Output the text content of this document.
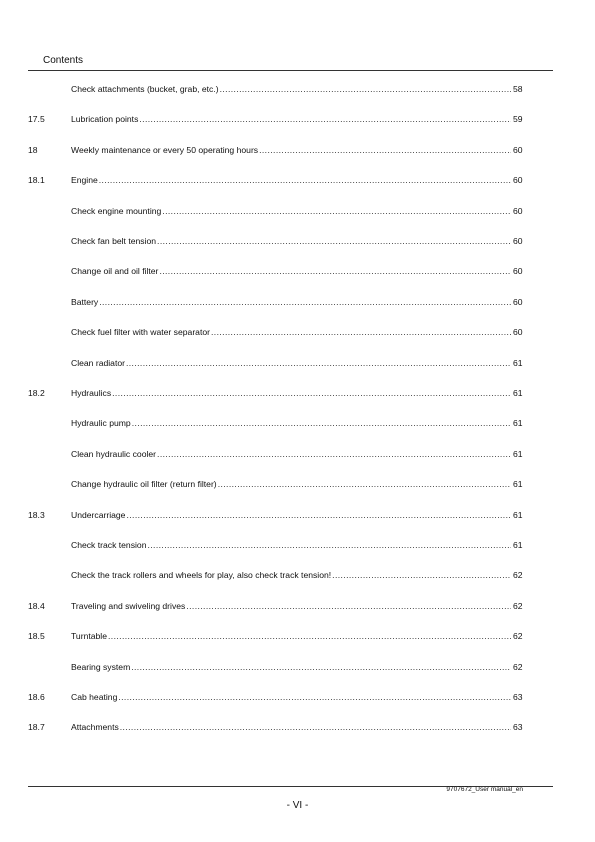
Contents
Check attachments (bucket, grab, etc.) .....	58
17.5	Lubrication points .....	59
18	Weekly maintenance or every 50 operating hours .....	60
18.1	Engine .....	60
Check engine mounting .....	60
Check fan belt tension .....	60
Change oil and oil filter .....	60
Battery .....	60
Check fuel filter with water separator .....	60
Clean radiator .....	61
18.2	Hydraulics .....	61
Hydraulic pump .....	61
Clean hydraulic cooler .....	61
Change hydraulic oil filter (return filter) .....	61
18.3	Undercarriage .....	61
Check track tension .....	61
Check the track rollers and wheels for play, also check track tension! .....	62
18.4	Traveling and swiveling drives .....	62
18.5	Turntable .....	62
Bearing system .....	62
18.6	Cab heating .....	63
18.7	Attachments .....	63
9707672_User manual_en
- VI -
